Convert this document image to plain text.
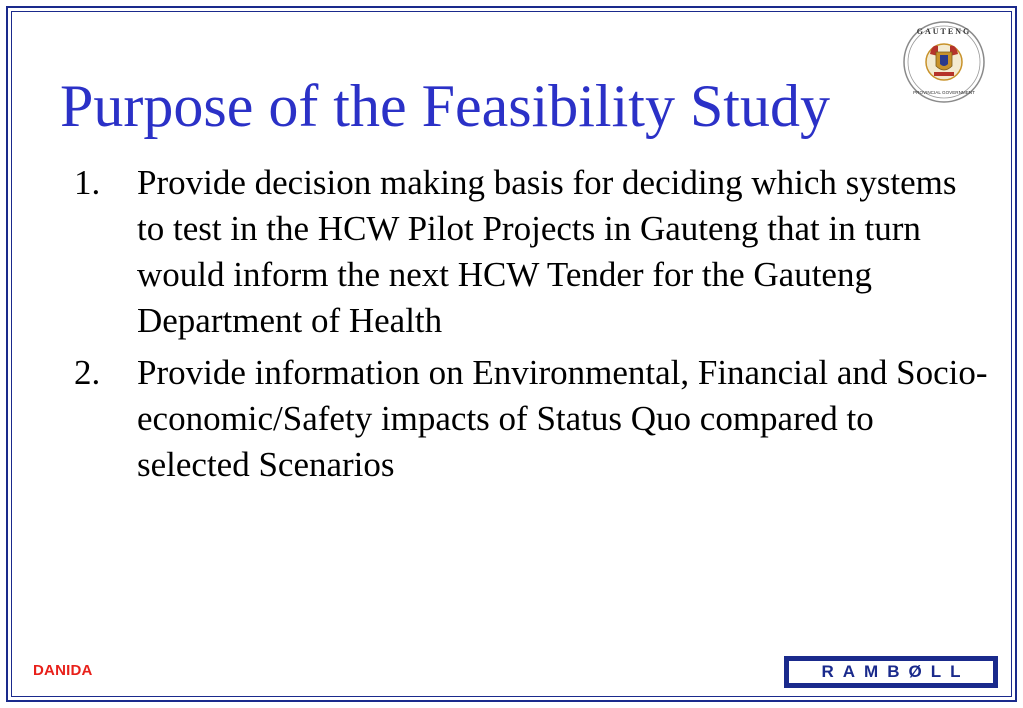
GAUTENG
PROVINCIAL GOVERNMENT
Purpose of the Feasibility Study
1. Provide decision making basis for deciding which systems to test in the HCW Pilot Projects in Gauteng that in turn would inform the next HCW Tender for the Gauteng Department of Health
2. Provide information on Environmental, Financial and Socio-economic/Safety impacts of Status Quo compared to selected Scenarios
DANIDA	RAMBØLL
